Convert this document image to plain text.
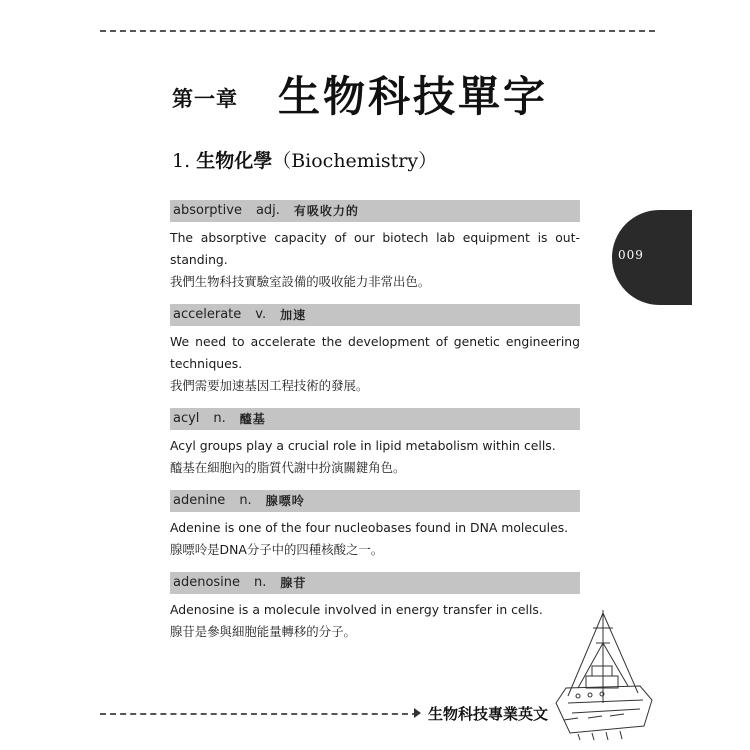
第一章 生物科技單字
1. 生物化學（Biochemistry）
absorptive adj. 有吸收力的
The absorptive capacity of our biotech lab equipment is out-standing.
我們生物科技實驗室設備的吸收能力非常出色。
accelerate v. 加速
We need to accelerate the development of genetic engineering techniques.
我們需要加速基因工程技術的發展。
acyl n. 醯基
Acyl groups play a crucial role in lipid metabolism within cells.
醯基在細胞內的脂質代謝中扮演關鍵角色。
adenine n. 腺嘌呤
Adenine is one of the four nucleobases found in DNA molecules.
腺嘌呤是DNA分子中的四種核酸之一。
adenosine n. 腺苷
Adenosine is a molecule involved in energy transfer in cells.
腺苷是參與細胞能量轉移的分子。
009
生物科技專業英文
